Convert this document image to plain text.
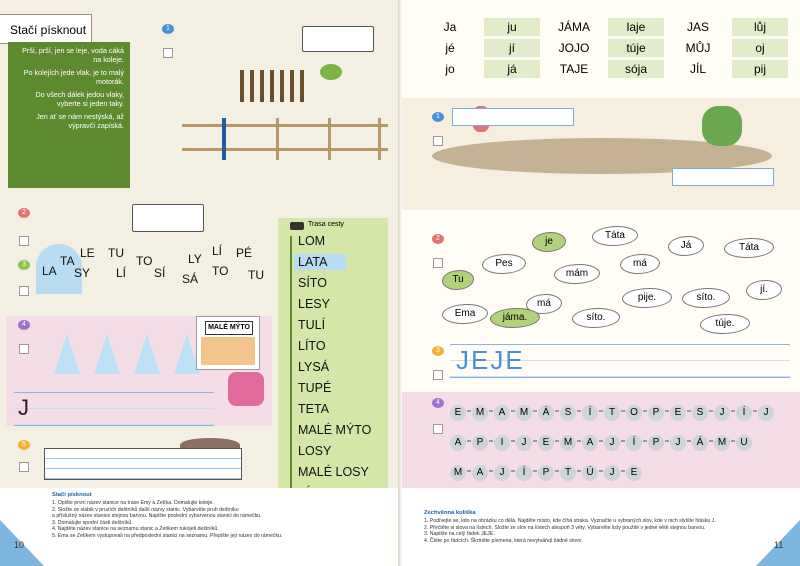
Stačí písknout

Prší, prší, jen se leje, voda cáká na koleje.

Po kolejích jede vlak, je to malý motorák.

Do všech dálek jedou vlaky, vyberte si jeden taky.

Jen ať se nám nestýská, až výpravčí zapíská.

1
2
3	LA
TA
LE
SY
TU
LÍ
TO
SÍ
LY
SÁ
LÍ
TO
PÉ
TU
4	MALÉ MÝTO
J
5
Trasa cesty
LOM
LATA
SÍTO
LESY
TULÍ
LÍTO
LYSÁ
TUPÉ
TETA
MALÉ MÝTO
LOSY
MALÉ LOSY
Stačí písknout
1. Opište první název stanice na trase Emy a Zetíka. Domalujte koleje.
2. Složte ze slabik v pruzích deštníků další názvy stanic. Vybarvěte pruh deštníku
a příslušný název stanice stejnou barvou. Napište poslední vybarvenou stanici do rámečku.
3. Domalujte spodní části deštníků.
4. Najděte název stanice na seznamu stanic a Zetíkem rukojeti deštníků.
5. Ema se Zetíkem vystupovali na předposlední stanici na seznamu. Přepište její název do rámečku.
10
Ja	ju	JÁMA	laje	JAS	lůj
jé	jí	JOJO	túje	MŮJ	oj
jo	já	TAJE	sója	JÍL	pij
1
2	je
Táta
Já	Táta
Pes	má
mám
Tu
jí.
Ema
má
pije.	síto.
jáma.	síto.
túje.
3 JEJE
4
E M A M Á S Í T O P E S J Í J
A P I J E M A J Í P J Á M U
M A J Í P T Ú J E
Zechvěnná kuliška
1. Podívejte se, kdo na obrázku co dělá. Najděte místo, kde číhá straka. Vyznačte u vybraných slov, kde v nich slyšíte hlásku J.
2. Přečtěte si slova na lístech. Složte ze slov na lístech alespoň 3 věty. Vybarvěte listy použité v jedné větě stejnou barvou.
3. Napište na celý řádek JEJE.
4. Čtěte po řádcích. Škrtněte písmena, která nevytvářejí žádné slovo.	11
